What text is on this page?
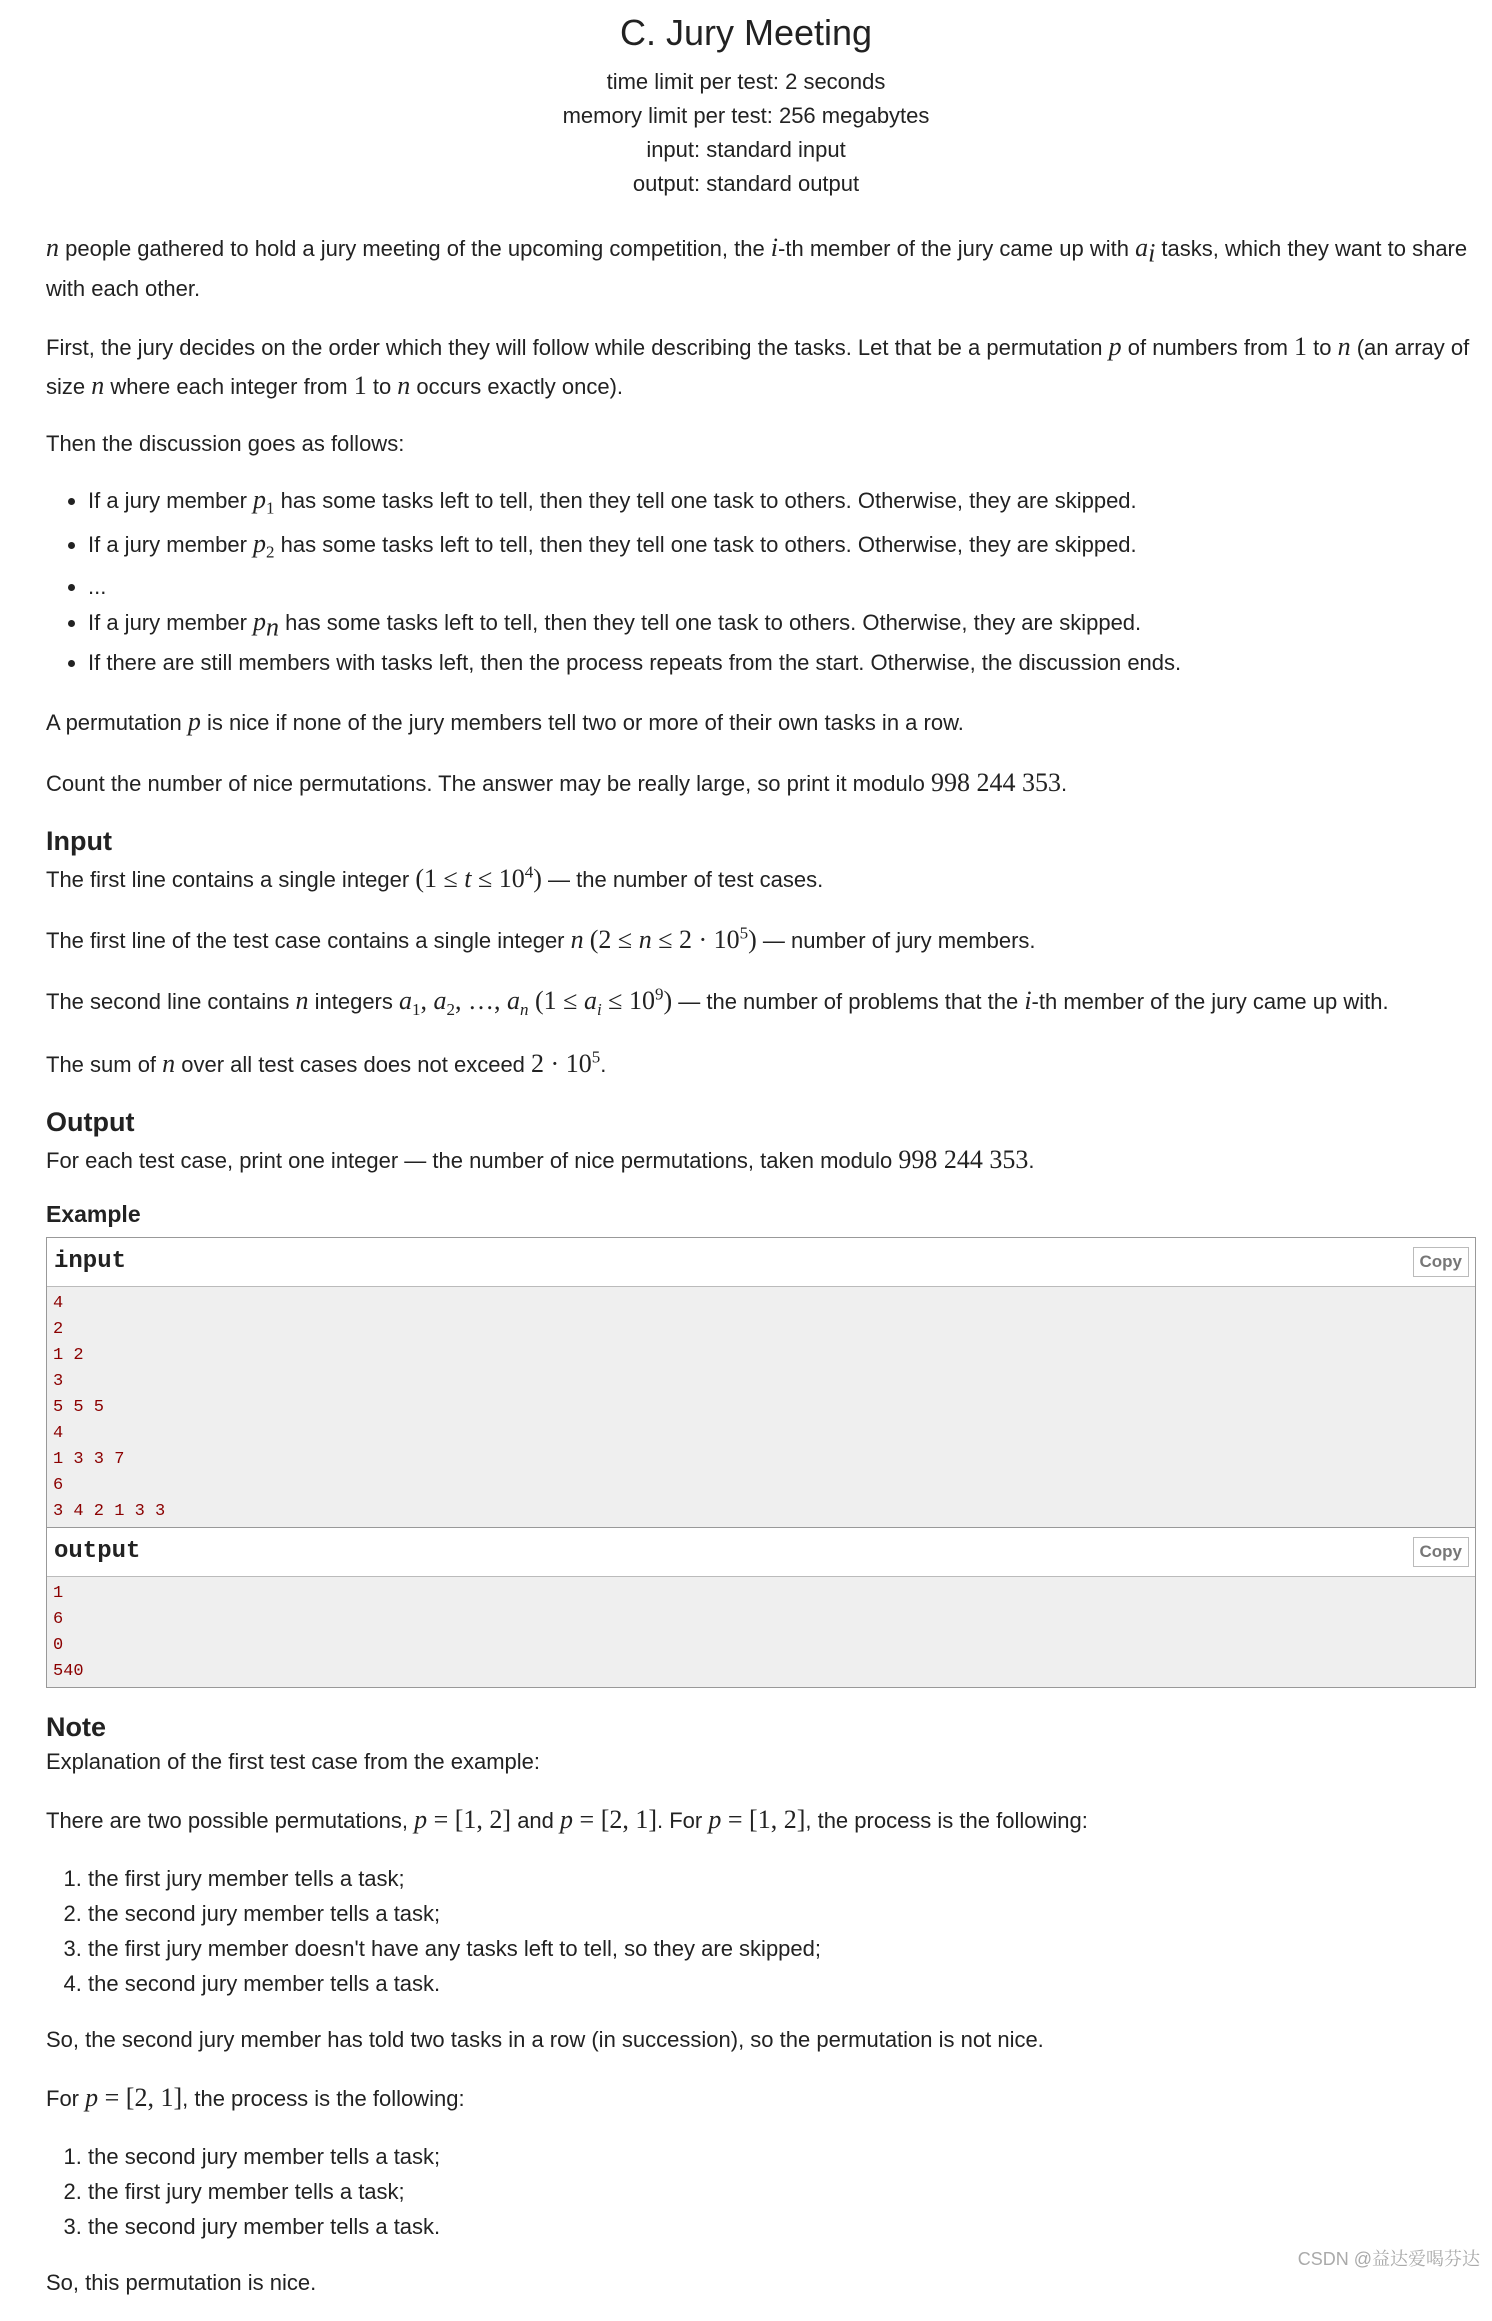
C. Jury Meeting
time limit per test: 2 seconds
memory limit per test: 256 megabytes
input: standard input
output: standard output

n people gathered to hold a jury meeting of the upcoming competition, the i-th member of the jury came up with $a_i$ tasks, which they want to share with each other.

First, the jury decides on the order which they will follow while describing the tasks. Let that be a permutation p of numbers from 1 to n (an array of size n where each integer from 1 to n occurs exactly once).

Then the discussion goes as follows:

• If a jury member $p_1$ has some tasks left to tell, then they tell one task to others. Otherwise, they are skipped.
• If a jury member $p_2$ has some tasks left to tell, then they tell one task to others. Otherwise, they are skipped.
• ...
• If a jury member $p_n$ has some tasks left to tell, then they tell one task to others. Otherwise, they are skipped.
• If there are still members with tasks left, then the process repeats from the start. Otherwise, the discussion ends.

A permutation p is nice if none of the jury members tell two or more of their own tasks in a row.

Count the number of nice permutations. The answer may be really large, so print it modulo 998 244 353.

Input

The first line contains a single integer $(1 \le t \le 10^4)$ — the number of test cases.

The first line of the test case contains a single integer n $(2 \le n \le 2 \cdot 10^5)$ — number of jury members.

The second line contains n integers $a_1$, $a_2$, …, $a_n$ $(1 \le a_i \le 10^9)$ — the number of problems that the i-th member of the jury came up with.

The sum of n over all test cases does not exceed $2 \cdot 10^5$.

Output

For each test case, print one integer — the number of nice permutations, taken modulo 998 244 353.

Example
input	Copy
4
2
1 2
3
5 5 5
4
1 3 3 7
6
3 4 2 1 3 3
output	Copy
1
6
0
540
Note

Explanation of the first test case from the example:

There are two possible permutations, p = [1, 2] and p = [2, 1]. For p = [1, 2], the process is the following:

1. the first jury member tells a task;
2. the second jury member tells a task;
3. the first jury member doesn't have any tasks left to tell, so they are skipped;
4. the second jury member tells a task.

So, the second jury member has told two tasks in a row (in succession), so the permutation is not nice.

For p = [2, 1], the process is the following:

1. the second jury member tells a task;
2. the first jury member tells a task;
3. the second jury member tells a task.

So, this permutation is nice.

CSDN @益达爱喝芬达
